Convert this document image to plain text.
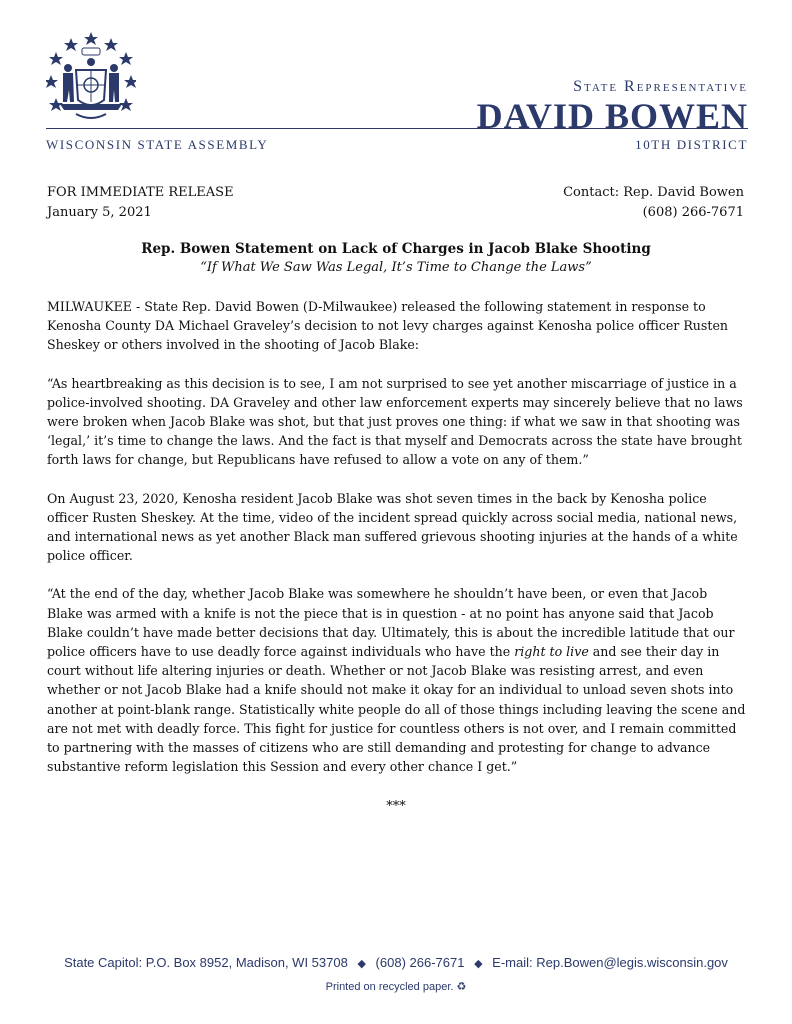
State Representative
DAVID BOWEN
WISCONSIN STATE ASSEMBLY	10TH DISTRICT
FOR IMMEDIATE RELEASE
January 5, 2021
Contact: Rep. David Bowen
(608) 266-7671
Rep. Bowen Statement on Lack of Charges in Jacob Blake Shooting
“If What We Saw Was Legal, It’s Time to Change the Laws”

MILWAUKEE - State Rep. David Bowen (D-Milwaukee) released the following statement in response to Kenosha County DA Michael Graveley’s decision to not levy charges against Kenosha police officer Rusten Sheskey or others involved in the shooting of Jacob Blake:

“As heartbreaking as this decision is to see, I am not surprised to see yet another miscarriage of justice in a police-involved shooting. DA Graveley and other law enforcement experts may sincerely believe that no laws were broken when Jacob Blake was shot, but that just proves one thing: if what we saw in that shooting was ‘legal,’ it’s time to change the laws. And the fact is that myself and Democrats across the state have brought forth laws for change, but Republicans have refused to allow a vote on any of them.”

On August 23, 2020, Kenosha resident Jacob Blake was shot seven times in the back by Kenosha police officer Rusten Sheskey. At the time, video of the incident spread quickly across social media, national news, and international news as yet another Black man suffered grievous shooting injuries at the hands of a white police officer.

“At the end of the day, whether Jacob Blake was somewhere he shouldn’t have been, or even that Jacob Blake was armed with a knife is not the piece that is in question - at no point has anyone said that Jacob Blake couldn’t have made better decisions that day. Ultimately, this is about the incredible latitude that our police officers have to use deadly force against individuals who have the right to live and see their day in court without life altering injuries or death. Whether or not Jacob Blake was resisting arrest, and even whether or not Jacob Blake had a knife should not make it okay for an individual to unload seven shots into another at point-blank range. Statistically white people do all of those things including leaving the scene and are not met with deadly force. This fight for justice for countless others is not over, and I remain committed to partnering with the masses of citizens who are still demanding and protesting for change to advance substantive reform legislation this Session and every other chance I get.”

***
State Capitol: P.O. Box 8952, Madison, WI 53708 ◆ (608) 266-7671 ◆ E-mail: Rep.Bowen@legis.wisconsin.gov
Printed on recycled paper. ♻
